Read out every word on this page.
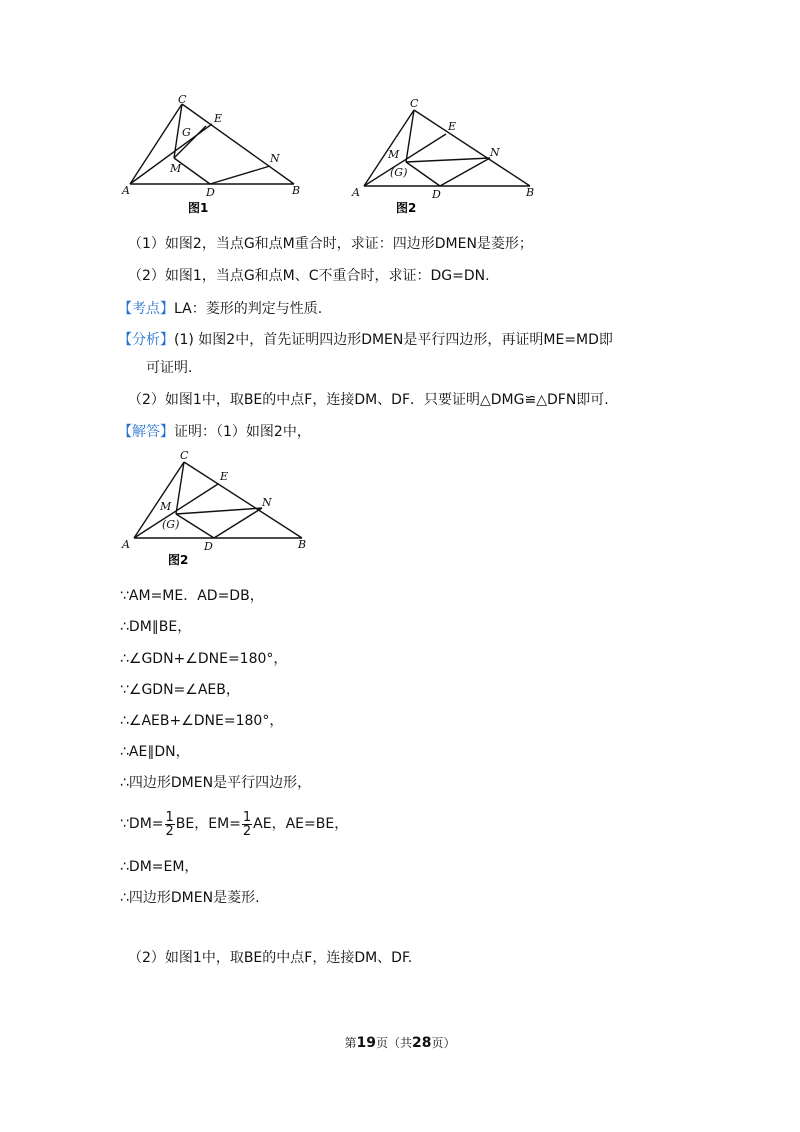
C
E
G
M
N
A	D	B
图1
C
E
M
(G)
N
A	D	B
图2
（1）如图2，当点G和点M重合时，求证：四边形DMEN是菱形；
（2）如图1，当点G和点M、C不重合时，求证：DG=DN.
【考点】LA：菱形的判定与性质.
【分析】(1) 如图2中，首先证明四边形DMEN是平行四边形，再证明ME=MD即
可证明.
（2）如图1中，取BE的中点F，连接DM、DF．只要证明△DMG≌△DFN即可.
【解答】证明：（1）如图2中，
C
E
M
(G)
N
A	D	B
图2
∵AM=ME．AD=DB，
∴DM∥BE，
∴∠GDN+∠DNE=180°，
∵∠GDN=∠AEB，
∴∠AEB+∠DNE=180°，
∴AE∥DN，
∴四边形DMEN是平行四边形，
∵DM= $\frac{1}{2}$ BE，$EM= \frac{1}{2}$ AE，AE=BE，
∴DM=EM，
∴四边形DMEN是菱形.
（2）如图1中，取BE的中点F，连接DM、DF.
第19页（共28页）
